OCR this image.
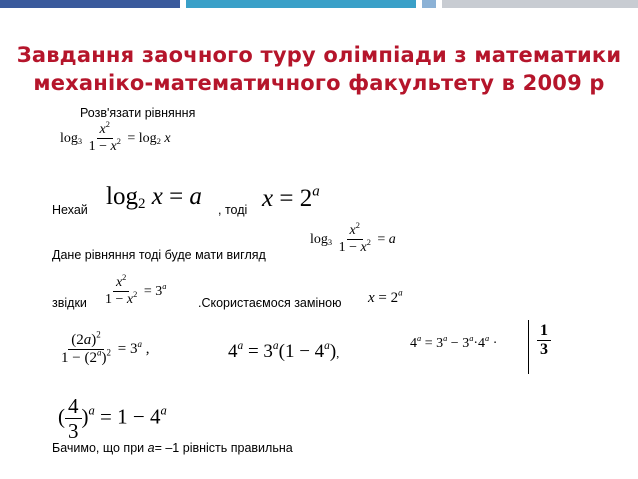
Завдання заочного туру олімпіади з математики
механіко-математичного факультету в 2009 р
Розв'язати рівняння
$\log_3 \frac{x^2}{1 - x^2} = \log_2 x$
Нехай $\log_2 x = a$ , тоді $x = 2^a$
Дане рівняння тоді буде мати вигляд
$\log_3 \frac{x^2}{1 - x^2} = a$
звідки $\frac{x^2}{1 - x^2} = 3^a$
.Скористаємося заміною $x = 2^a$
$\frac{(2a)^2}{1 - (2^a)^2} = 3^a$ ,	$4^a = 3^a(1 - 4^a)$,
$4^a = 3^a - 3^a\cdot 4^a \cdot \frac{1}{3}$
( $\frac{4}{3} )^a = 1 - 4^a$
Бачимо, що при а= –1 рівність правильна
